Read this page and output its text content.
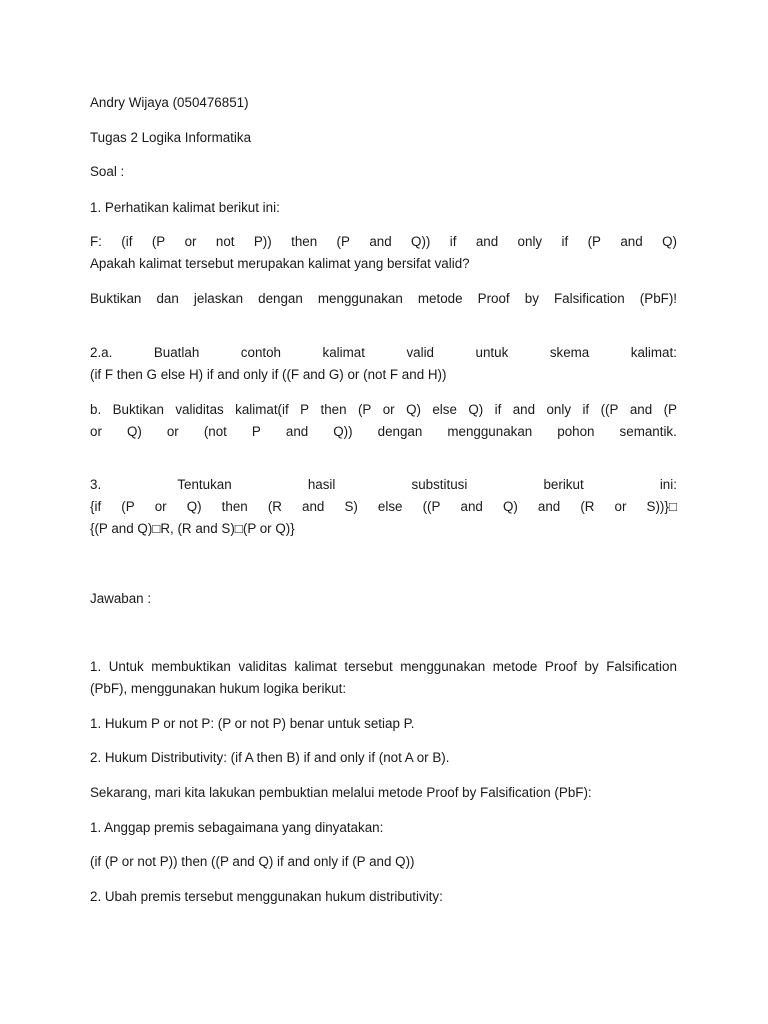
Andry Wijaya (050476851)
Tugas 2 Logika Informatika
Soal :
1. Perhatikan kalimat berikut ini:
F: (if (P or not P)) then (P and Q)) if and only if (P and Q)
Apakah kalimat tersebut merupakan kalimat yang bersifat valid?
Buktikan dan jelaskan dengan menggunakan metode Proof by Falsification (PbF)!
2.a.	Buatlah	contoh	kalimat	valid	untuk	skema	kalimat:
(if F then G else H) if and only if ((F and G) or (not F and H))
b. Buktikan validitas kalimat(if P then (P or Q) else Q) if and only if ((P and (P
or Q) or (not P and Q)) dengan menggunakan pohon semantik.
3.	Tentukan	hasil	substitusi	berikut	ini:
{if (P or Q) then (R and S) else ((P and Q) and (R or S))}□
{(P and Q)□R, (R and S)□(P or Q)}
Jawaban :
1. Untuk membuktikan validitas kalimat tersebut menggunakan metode Proof by Falsification
(PbF), menggunakan hukum logika berikut:
1. Hukum P or not P: (P or not P) benar untuk setiap P.
2. Hukum Distributivity: (if A then B) if and only if (not A or B).
Sekarang, mari kita lakukan pembuktian melalui metode Proof by Falsification (PbF):
1. Anggap premis sebagaimana yang dinyatakan:
(if (P or not P)) then ((P and Q) if and only if (P and Q))
2. Ubah premis tersebut menggunakan hukum distributivity:
